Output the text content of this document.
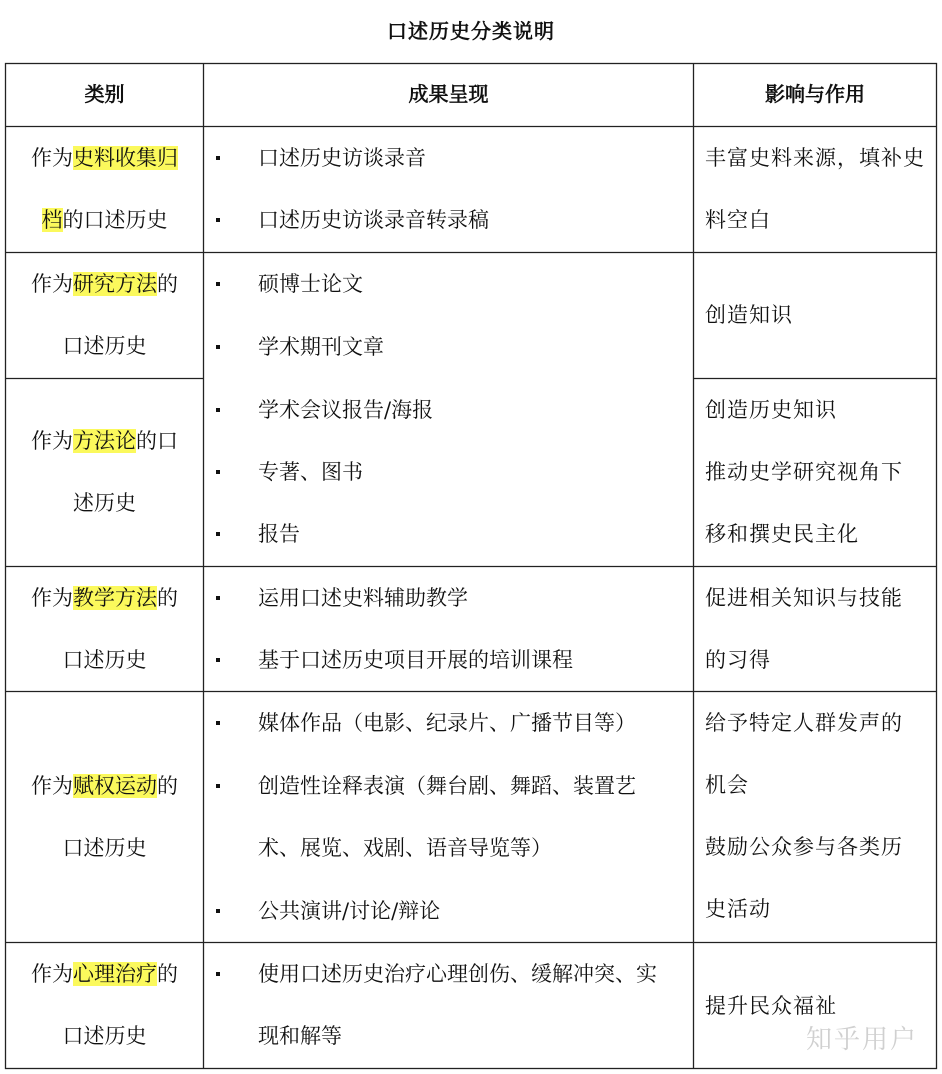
口述历史分类说明
类别	成果呈现	影响与作用
作为史料收集归
档的口述历史
口述历史访谈录音
口述历史访谈录音转录稿
丰富史料来源，填补史
料空白
作为研究方法的
口述历史
创造知识
作为方法论的口
述历史
创造历史知识
推动史学研究视角下
移和撰史民主化
硕博士论文
学术期刊文章
学术会议报告/海报
专著、图书
报告
作为教学方法的
口述历史
运用口述史料辅助教学
基于口述历史项目开展的培训课程
促进相关知识与技能
的习得
作为赋权运动的
口述历史
媒体作品（电影、纪录片、广播节目等）
创造性诠释表演（舞台剧、舞蹈、装置艺
术、展览、戏剧、语音导览等）
公共演讲/讨论/辩论
给予特定人群发声的
机会
鼓励公众参与各类历
史活动
作为心理治疗的
口述历史
使用口述历史治疗心理创伤、缓解冲突、实
现和解等
提升民众福祉
知乎用户
